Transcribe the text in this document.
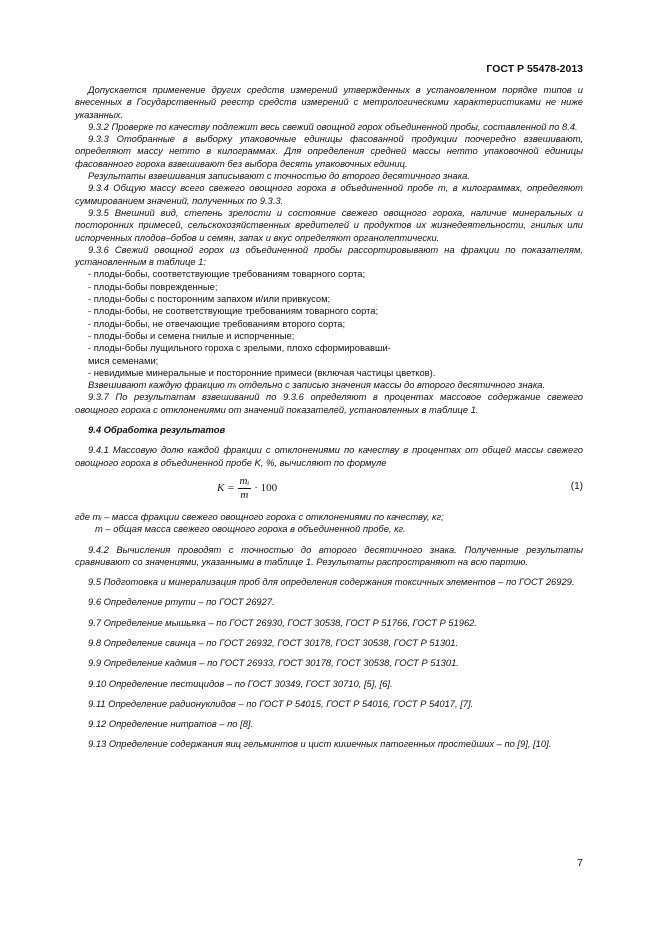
ГОСТ Р 55478-2013

Допускается применение других средств измерений утвержденных в установленном порядке типов и внесенных в Государственный реестр средств измерений с метрологическими характеристиками не ниже указанных.

9.3.2 Проверке по качеству подлежит весь свежий овощной горох объединенной пробы, составленной по 8.4.

9.3.3 Отобранные в выборку упаковочные единицы фасованной продукции поочередно взвешивают, определяют массу нетто в килограммах. Для определения средней массы нетто упаковочной единицы фасованного гороха взвешивают без выбора десять упаковочных единиц.

Результаты взвешивания записывают с точностью до второго десятичного знака.

9.3.4 Общую массу всего свежего овощного гороха в объединенной пробе m, в килограммах, определяют суммированием значений, полученных по 9.3.3.

9.3.5 Внешний вид, степень зрелости и состояние свежего овощного гороха, наличие минеральных и посторонних примесей, сельскохозяйственных вредителей и продуктов их жизнедеятельности, гнилых или испорченных плодов–бобов и семян, запах и вкус определяют органолептически.

9.3.6 Свежий овощной горох из объединенной пробы рассортировывают на фракции по показателям, установленным в таблице 1:

- плоды-бобы, соответствующие требованиям товарного сорта;

- плоды-бобы поврежденные;

- плоды-бобы с посторонним запахом и/или привкусом;

- плоды-бобы, не соответствующие требованиям товарного сорта;

- плоды-бобы, не отвечающие требованиям второго сорта;

- плоды-бобы и семена гнилые и испорченные;

- плоды-бобы лущильного гороха с зрелыми, плохо сформировавши-

мися семенами;

- невидимые минеральные и посторонние примеси (включая частицы цветков).

Взвешивают каждую фракцию mᵢ отдельно с записью значения массы до второго десятичного знака.

9.3.7 По результатам взвешиваний по 9.3.6 определяют в процентах массовое содержание свежего овощного гороха с отклонениями от значений показателей, установленных в таблице 1.

9.4 Обработка результатов

9.4.1 Массовую долю каждой фракции с отклонениями по качеству в процентах от общей массы свежего овощного гороха в объединенной пробе K, %, вычисляют по формуле

$K = \frac{\text{mᵢ}}{m} \cdot 100$	(1)

где mᵢ – масса фракции свежего овощного гороха с отклонениями по качеству, кг;

m – общая масса свежего овощного гороха в объединенной пробе, кг.

9.4.2 Вычисления проводят с точностью до второго десятичного знака. Полученные результаты сравнивают со значениями, указанными в таблице 1. Результаты распространяют на всю партию.

9.5 Подготовка и минерализация проб для определения содержания токсичных элементов – по ГОСТ 26929.

9.6 Определение ртути – по ГОСТ 26927.

9.7 Определение мышьяка – по ГОСТ 26930, ГОСТ 30538, ГОСТ Р 51766, ГОСТ Р 51962.

9.8 Определение свинца – по ГОСТ 26932, ГОСТ 30178, ГОСТ 30538, ГОСТ Р 51301.

9.9 Определение кадмия – по ГОСТ 26933, ГОСТ 30178, ГОСТ 30538, ГОСТ Р 51301.

9.10 Определение пестицидов – по ГОСТ 30349, ГОСТ 30710, [5], [6].

9.11 Определение радионуклидов – по ГОСТ Р 54015, ГОСТ Р 54016, ГОСТ Р 54017, [7].

9.12 Определение нитратов – по [8].

9.13 Определение содержания яиц гельминтов и цист кишечных патогенных простейших – по [9], [10].

7
